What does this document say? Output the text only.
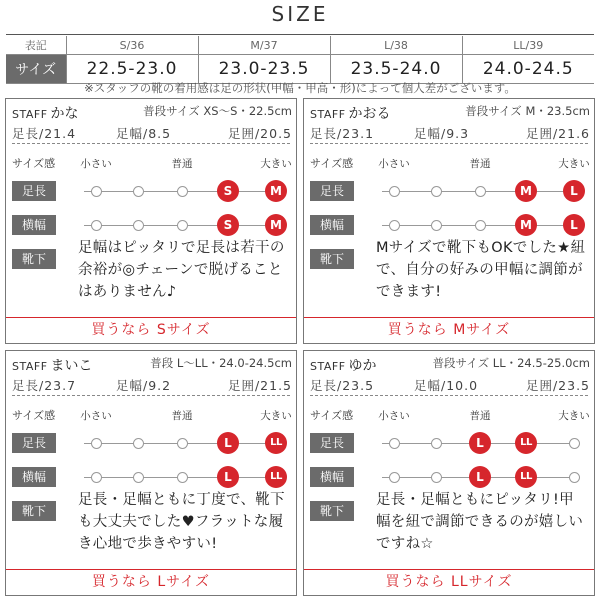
SIZE
表記	S/36	M/37	L/38	LL/39
サイズ	22.5-23.0	23.0-23.5	23.5-24.0	24.0-24.5
※スタッフの靴の着用感は足の形状(甲幅・甲高・形)によって個人差がございます。
STAFF かな	普段サイズ XS〜S・22.5cm
足長/21.4	足幅/8.5	足囲/20.5
サイズ感 小さい	普通	大きい
足長
横幅
靴下
S	M
S	M
足幅はピッタリで足長は若干の余裕が◎チェーンで脱げることはありません♪
買うなら Sサイズ
STAFF かおる	普段サイズ M・23.5cm
足長/23.1	足幅/9.3	足囲/21.6
サイズ感 小さい	普通	大きい
足長
横幅
靴下
M	L
M	L
Mサイズで靴下もOKでした★紐で、自分の好みの甲幅に調節ができます!
買うなら Mサイズ
STAFF まいこ	普段 L〜LL・24.0-24.5cm
足長/23.7	足幅/9.2	足囲/21.5
サイズ感 小さい	普通	大きい
足長
横幅
靴下
L	LL
L	LL
足長・足幅ともに丁度で、靴下も大丈夫でした♥フラットな履き心地で歩きやすい!
買うなら Lサイズ
STAFF ゆか	普段サイズ LL・24.5-25.0cm
足長/23.5	足幅/10.0	足囲/23.5
サイズ感 小さい	普通	大きい
足長
横幅
靴下
L	LL
L	LL
足長・足幅ともにピッタリ!甲幅を紐で調節できるのが嬉しいですね☆
買うなら LLサイズ
